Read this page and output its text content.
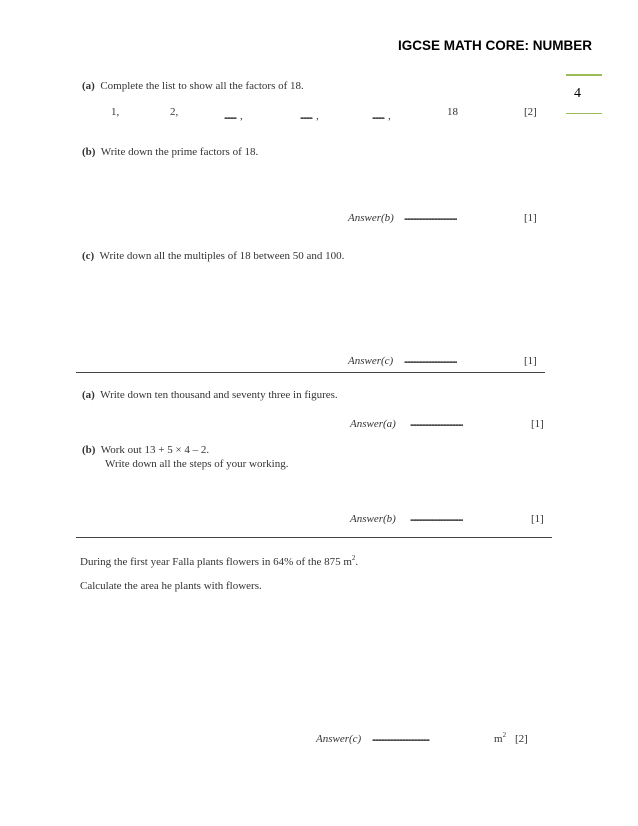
IGCSE MATH CORE: NUMBER
4
(a) Complete the list to show all the factors of 18.
1,	2,	........ ,	........ ,	........ ,	18	[2]
(b) Write down the prime factors of 18.
Answer(b) ...................................	[1]
(c) Write down all the multiples of 18 between 50 and 100.
Answer(c) ...................................	[1]
(a) Write down ten thousand and seventy three in figures.
Answer(a) ...................................	[1]
(b) Work out 13 + 5 × 4 – 2.
Write down all the steps of your working.
Answer(b) ...................................	[1]
During the first year Falla plants flowers in 64% of the 875 $m^2$.
Calculate the area he plants with flowers.
Answer(c) ......................................	$m^2$ [2]
